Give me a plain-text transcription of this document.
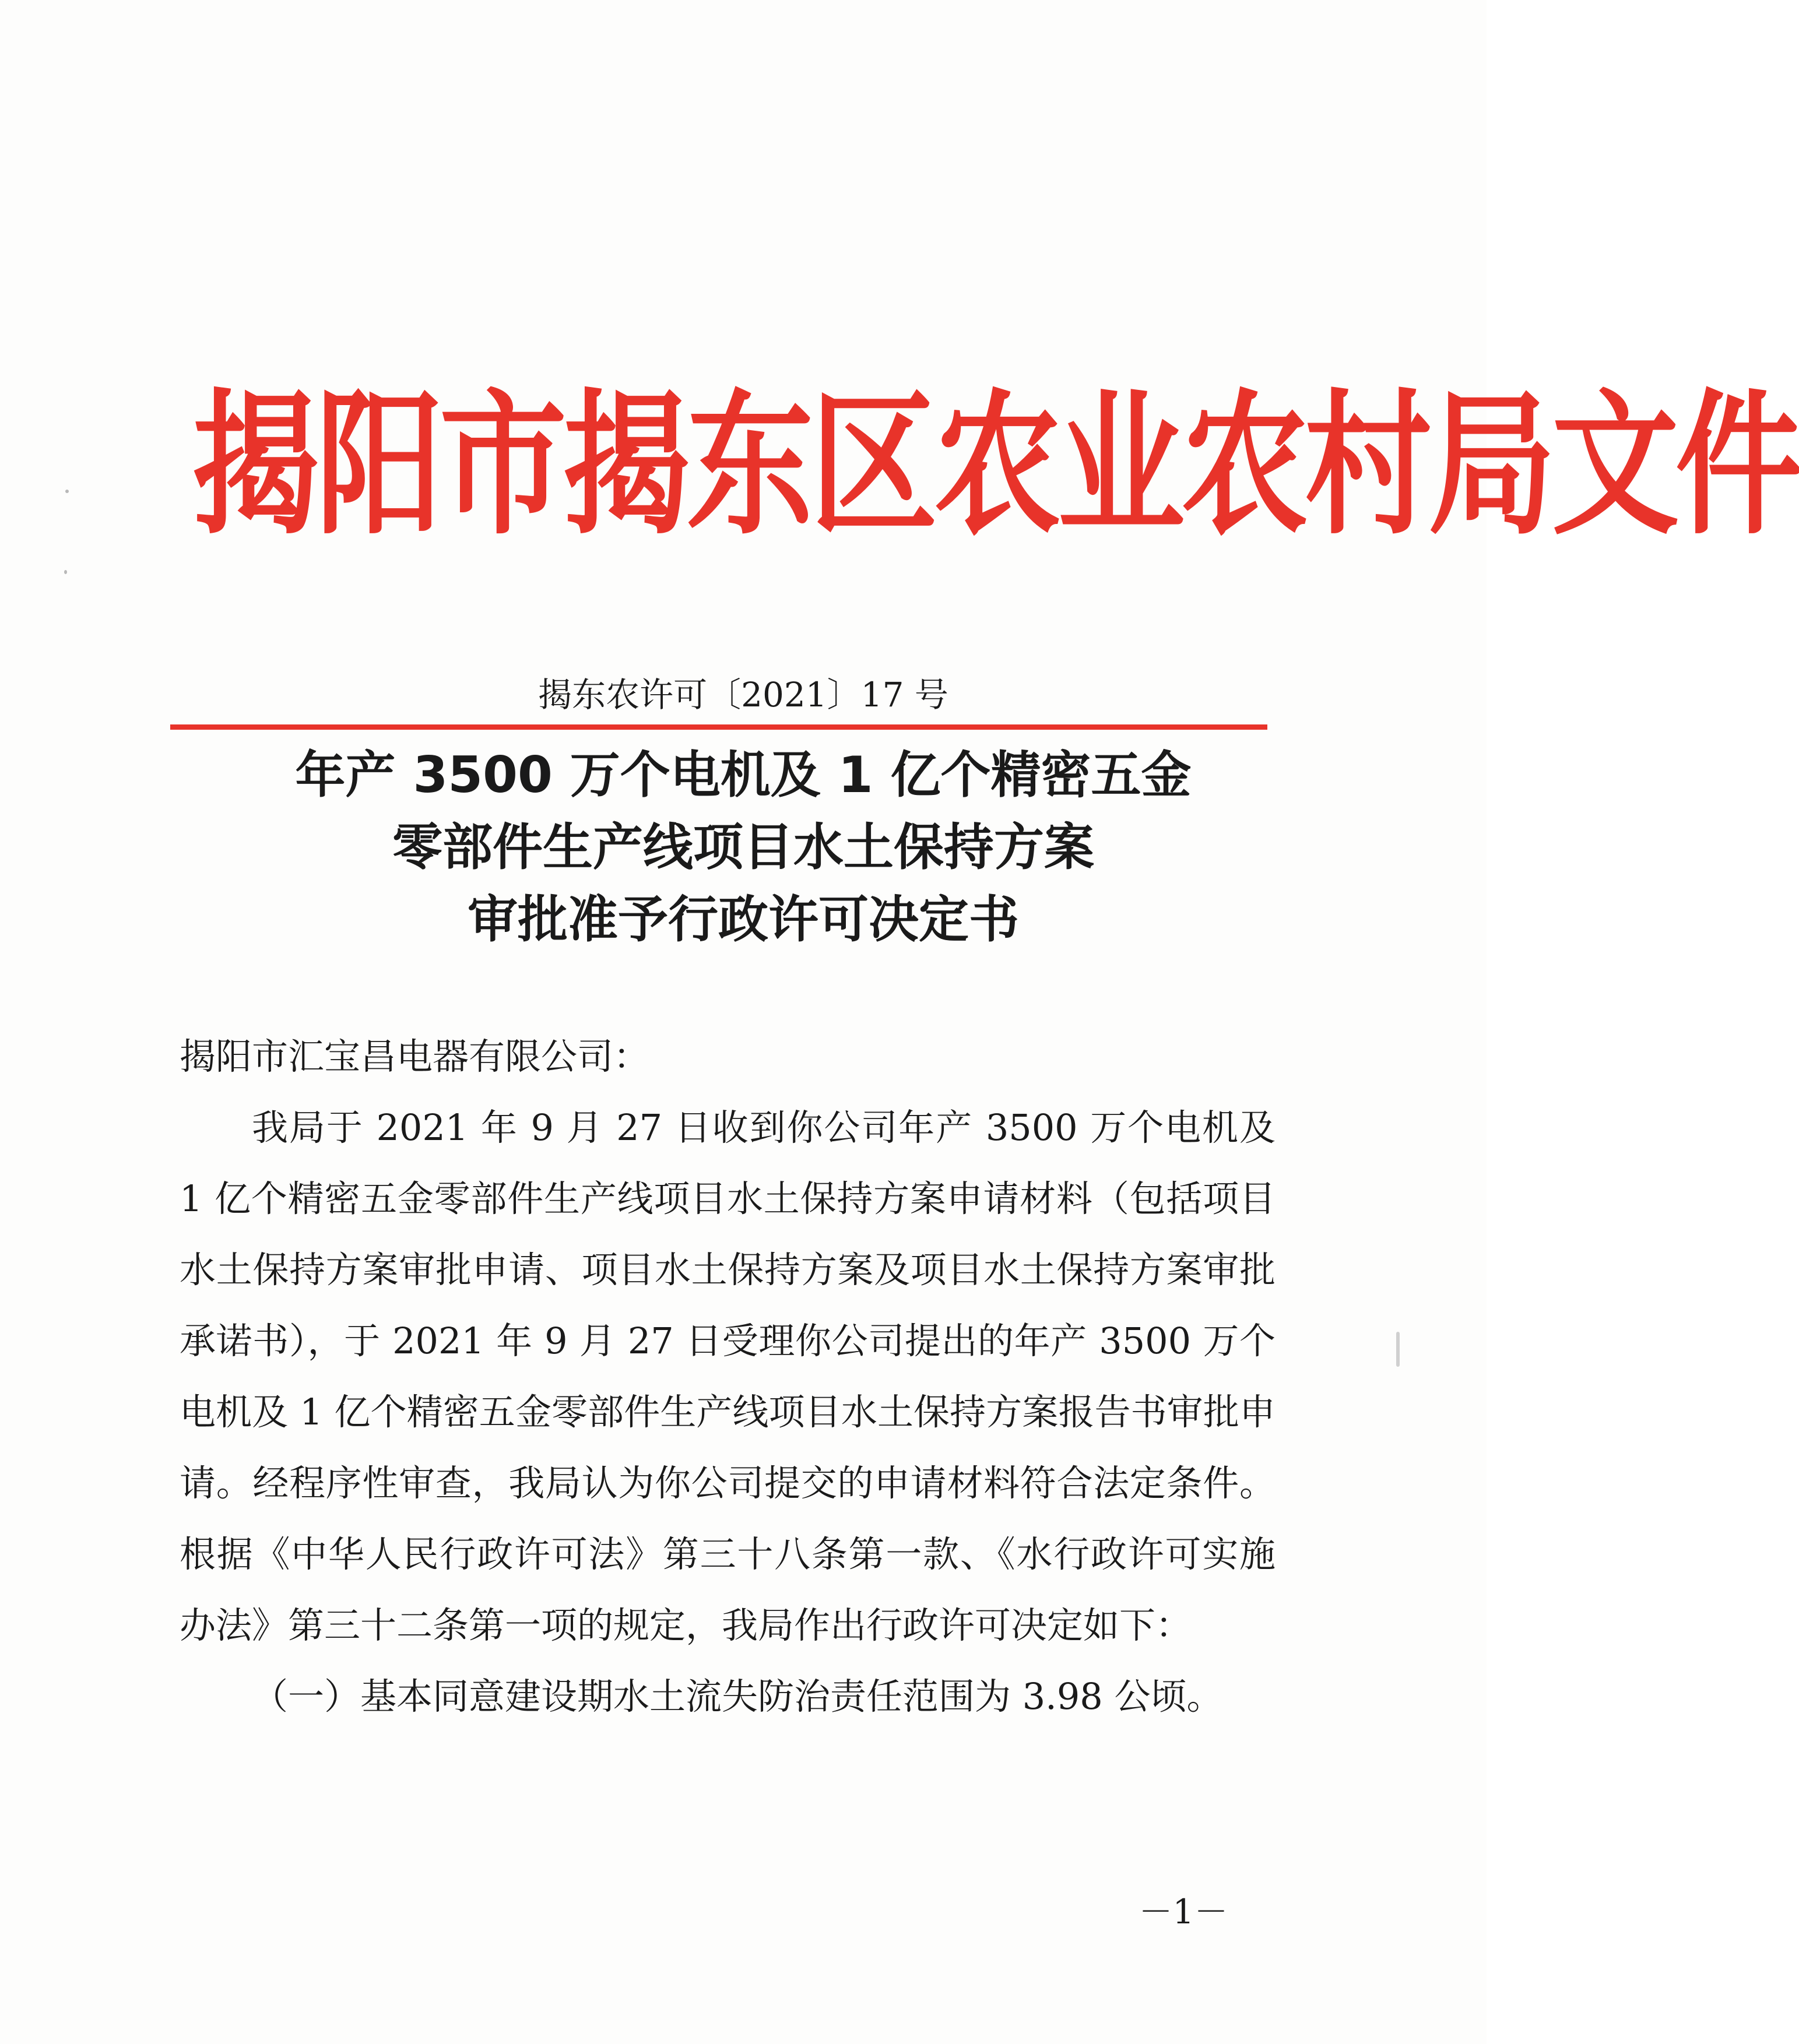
揭阳市揭东区农业农村局文件
揭东农许可〔2021〕17 号
年产 3500 万个电机及 1 亿个精密五金
零部件生产线项目水土保持方案
审批准予行政许可决定书

揭阳市汇宝昌电器有限公司：

我局于 2021 年 9 月 27 日收到你公司年产 3500 万个电机及 1 亿个精密五金零部件生产线项目水土保持方案申请材料（包括项目水土保持方案审批申请、项目水土保持方案及项目水土保持方案审批承诺书），于 2021 年 9 月 27 日受理你公司提出的年产 3500 万个电机及 1 亿个精密五金零部件生产线项目水土保持方案报告书审批申请。经程序性审查，我局认为你公司提交的申请材料符合法定条件。根据《中华人民行政许可法》第三十八条第一款、《水行政许可实施办法》第三十二条第一项的规定，我局作出行政许可决定如下：

（一）基本同意建设期水土流失防治责任范围为 3.98 公顷。

－1－
